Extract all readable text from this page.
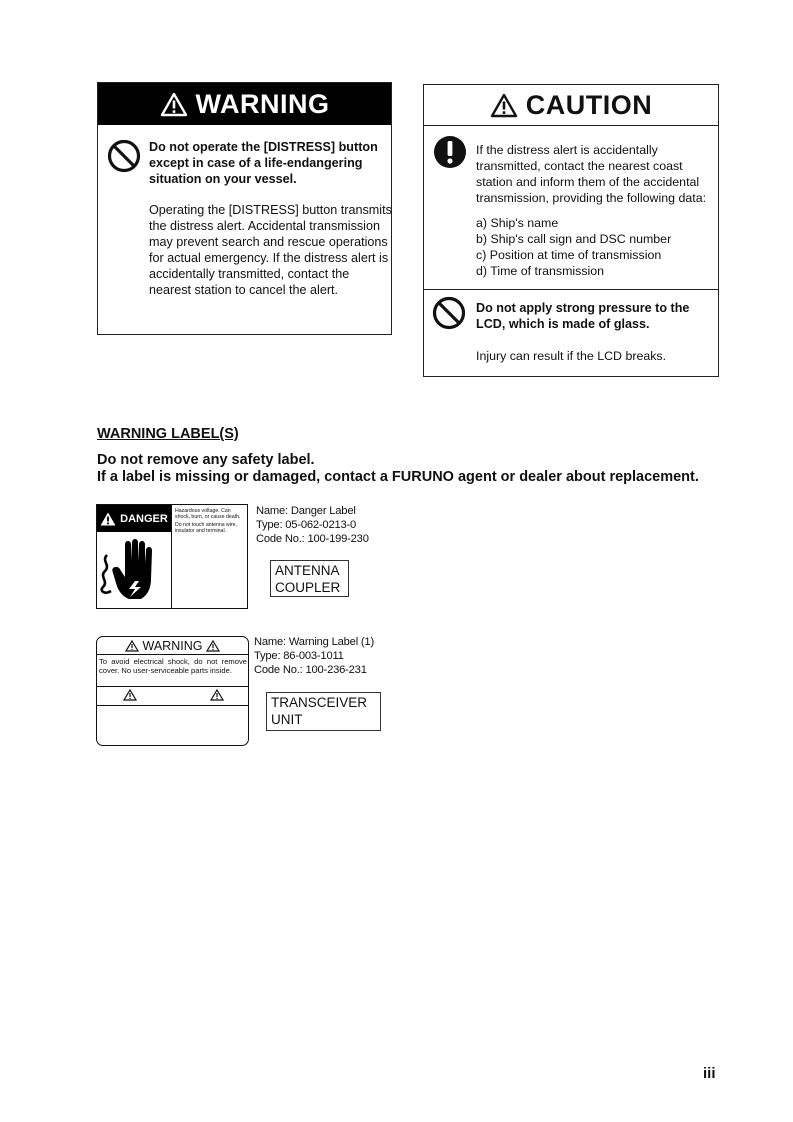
WARNING
Do not operate the [DISTRESS] button except in case of a life-endangering situation on your vessel.
Operating the [DISTRESS] button transmits the distress alert. Accidental transmission may prevent search and rescue operations for actual emergency. If the distress alert is accidentally transmitted, contact the nearest station to cancel the alert.
CAUTION
If the distress alert is accidentally transmitted, contact the nearest coast station and inform them of the accidental transmission, providing the following data:
a) Ship's name
b) Ship's call sign and DSC number
c) Position at time of transmission
d) Time of transmission
Do not apply strong pressure to the LCD, which is made of glass.
Injury can result if the LCD breaks.
WARNING LABEL(S)
Do not remove any safety label.
If a label is missing or damaged, contact a FURUNO agent or dealer about replacement.
DANGER

Hazardous voltage. Can shock, burn, or cause death.

Do not touch antenna wire, insulator and terminal.

Name: Danger Label
Type: 05-062-0213-0
Code No.: 100-199-230
ANTENNA
COUPLER
WARNING
To avoid electrical shock, do not remove cover. No user-serviceable parts inside.
Name: Warning Label (1)
Type: 86-003-1011
Code No.: 100-236-231
TRANSCEIVER
UNIT
iii
